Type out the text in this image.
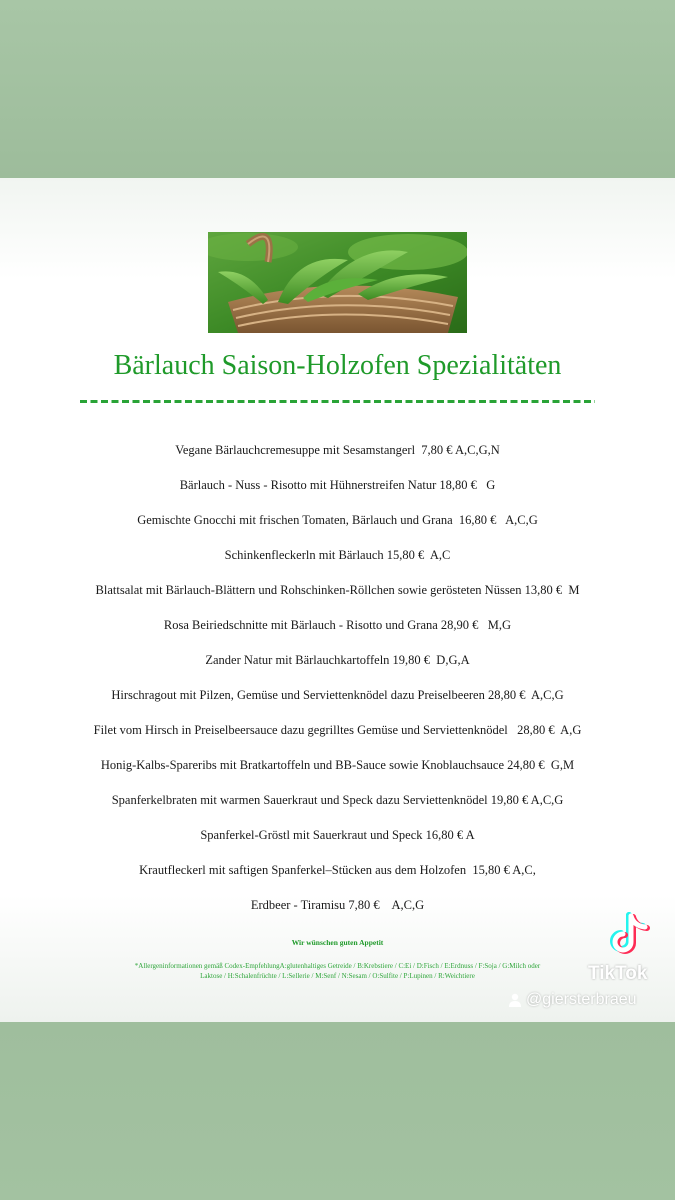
Bärlauch Saison-Holzofen Spezialitäten
Vegane Bärlauchcremesuppe mit Sesamstangerl  7,80 € A,C,G,N
Bärlauch - Nuss - Risotto mit Hühnerstreifen Natur 18,80 €   G
Gemischte Gnocchi mit frischen Tomaten, Bärlauch und Grana  16,80 €   A,C,G
Schinkenfleckerln mit Bärlauch 15,80 €  A,C
Blattsalat mit Bärlauch-Blättern und Rohschinken-Röllchen sowie gerösteten Nüssen 13,80 €  M
Rosa Beiriedschnitte mit Bärlauch - Risotto und Grana 28,90 €   M,G
Zander Natur mit Bärlauchkartoffeln 19,80 €  D,G,A
Hirschragout mit Pilzen, Gemüse und Serviettenknödel dazu Preiselbeeren 28,80 €  A,C,G
Filet vom Hirsch in Preiselbeersauce dazu gegrilltes Gemüse und Serviettenknödel   28,80 €  A,G
Honig-Kalbs-Spareribs mit Bratkartoffeln und BB-Sauce sowie Knoblauchsauce 24,80 €  G,M
Spanferkelbraten mit warmen Sauerkraut und Speck dazu Serviettenknödel 19,80 € A,C,G
Spanferkel-Gröstl mit Sauerkraut und Speck 16,80 € A
Krautfleckerl mit saftigen Spanferkel–Stücken aus dem Holzofen  15,80 € A,C,
Erdbeer - Tiramisu 7,80 €    A,C,G
Wir wünschen guten Appetit
*Allergeninformationen gemäß Codex-EmpfehlungA:glutenhaltiges Getreide / B:Krebstiere / C:Ei / D:Fisch / E:Erdnuss / F:Soja / G:Milch oder
Laktose / H:Schalenfrüchte / L:Sellerie / M:Senf / N:Sesam / O:Sulfite / P:Lupinen / R:Weichtiere	TikTok
@giersterbraeu
